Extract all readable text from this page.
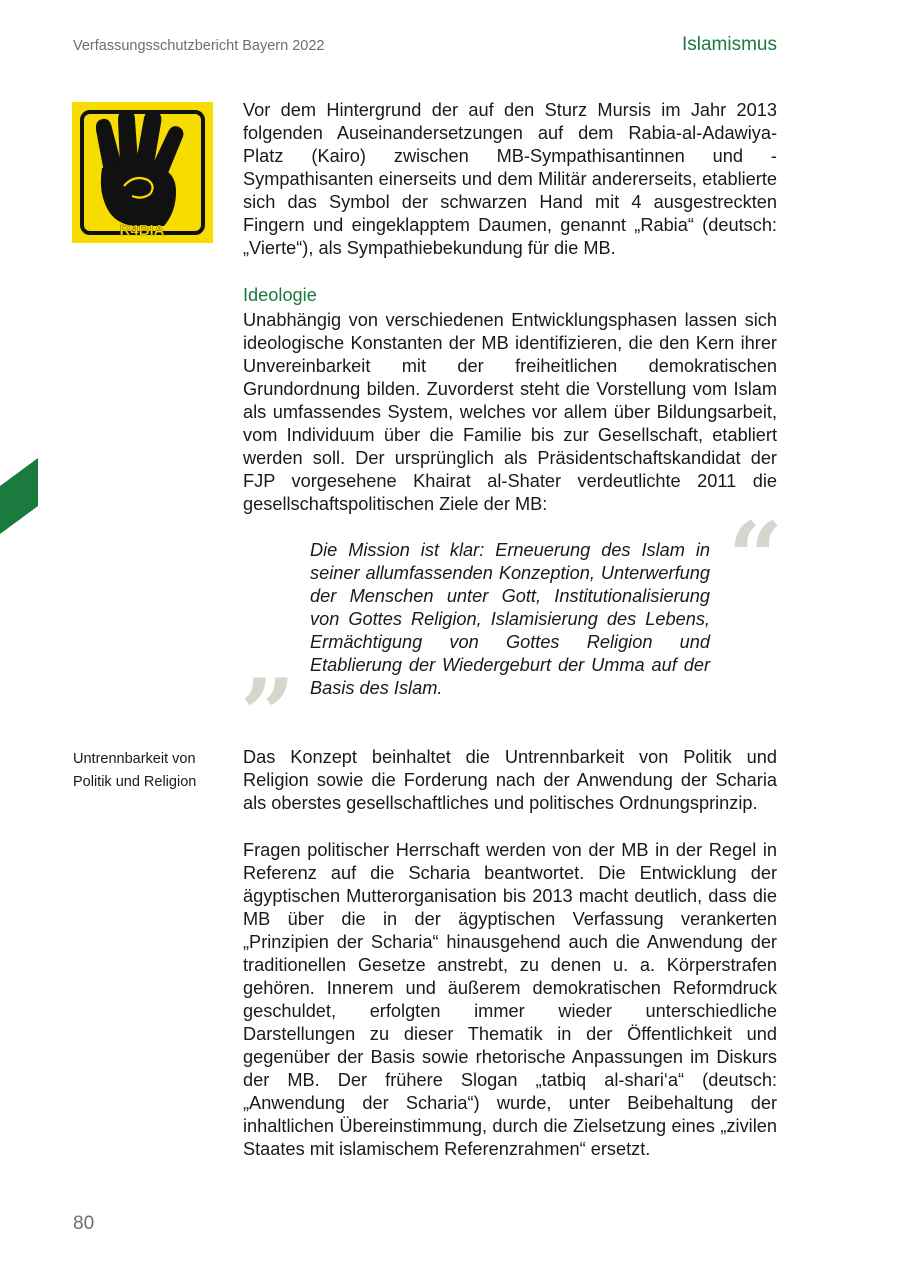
Verfassungsschutzbericht Bayern 2022	Islamismus
R4BIA

Vor dem Hintergrund der auf den Sturz Mursis im Jahr 2013 folgenden Auseinandersetzungen auf dem Rabia-al-Adawiya-Platz (Kairo) zwischen MB-Sympathisantinnen und -Sympathisanten einerseits und dem Militär andererseits, etablierte sich das Symbol der schwarzen Hand mit 4 ausgestreckten Fingern und eingeklapptem Daumen, genannt „Rabia“ (deutsch: „Vierte“), als Sympathiebekundung für die MB.

Ideologie

Unabhängig von verschiedenen Entwicklungsphasen lassen sich ideologische Konstanten der MB identifizieren, die den Kern ihrer Unvereinbarkeit mit der freiheitlichen demokratischen Grundordnung bilden. Zuvorderst steht die Vorstellung vom Islam als umfassendes System, welches vor allem über Bildungsarbeit, vom Individuum über die Familie bis zur Gesellschaft, etabliert werden soll. Der ursprünglich als Präsidentschaftskandidat der FJP vorgesehene Khairat al-Shater verdeutlichte 2011 die gesellschaftspolitischen Ziele der MB:	“
Die Mission ist klar: Erneuerung des Islam in seiner allumfassenden Konzeption, Unterwerfung der Menschen unter Gott, Institutionalisierung von Gottes Religion, Islamisierung des Lebens, Ermächtigung von Gottes Religion und Etablierung der Wiedergeburt der Umma auf der Basis des Islam.
”
Untrennbarkeit von
Politik und Religion

Das Konzept beinhaltet die Untrennbarkeit von Politik und Religion sowie die Forderung nach der Anwendung der Scharia als oberstes gesellschaftliches und politisches Ordnungsprinzip.

Fragen politischer Herrschaft werden von der MB in der Regel in Referenz auf die Scharia beantwortet. Die Entwicklung der ägyptischen Mutterorganisation bis 2013 macht deutlich, dass die MB über die in der ägyptischen Verfassung verankerten „Prinzipien der Scharia“ hinausgehend auch die Anwendung der traditionellen Gesetze anstrebt, zu denen u. a. Körperstrafen gehören. Innerem und äußerem demokratischen Reformdruck geschuldet, erfolgten immer wieder unterschiedliche Darstellungen zu dieser Thematik in der Öffentlichkeit und gegenüber der Basis sowie rhetorische Anpassungen im Diskurs der MB. Der frühere Slogan „tatbiq al-shari‘a“ (deutsch: „Anwendung der Scharia“) wurde, unter Beibehaltung der inhaltlichen Übereinstimmung, durch die Zielsetzung eines „zivilen Staates mit islamischem Referenzrahmen“ ersetzt.

80
